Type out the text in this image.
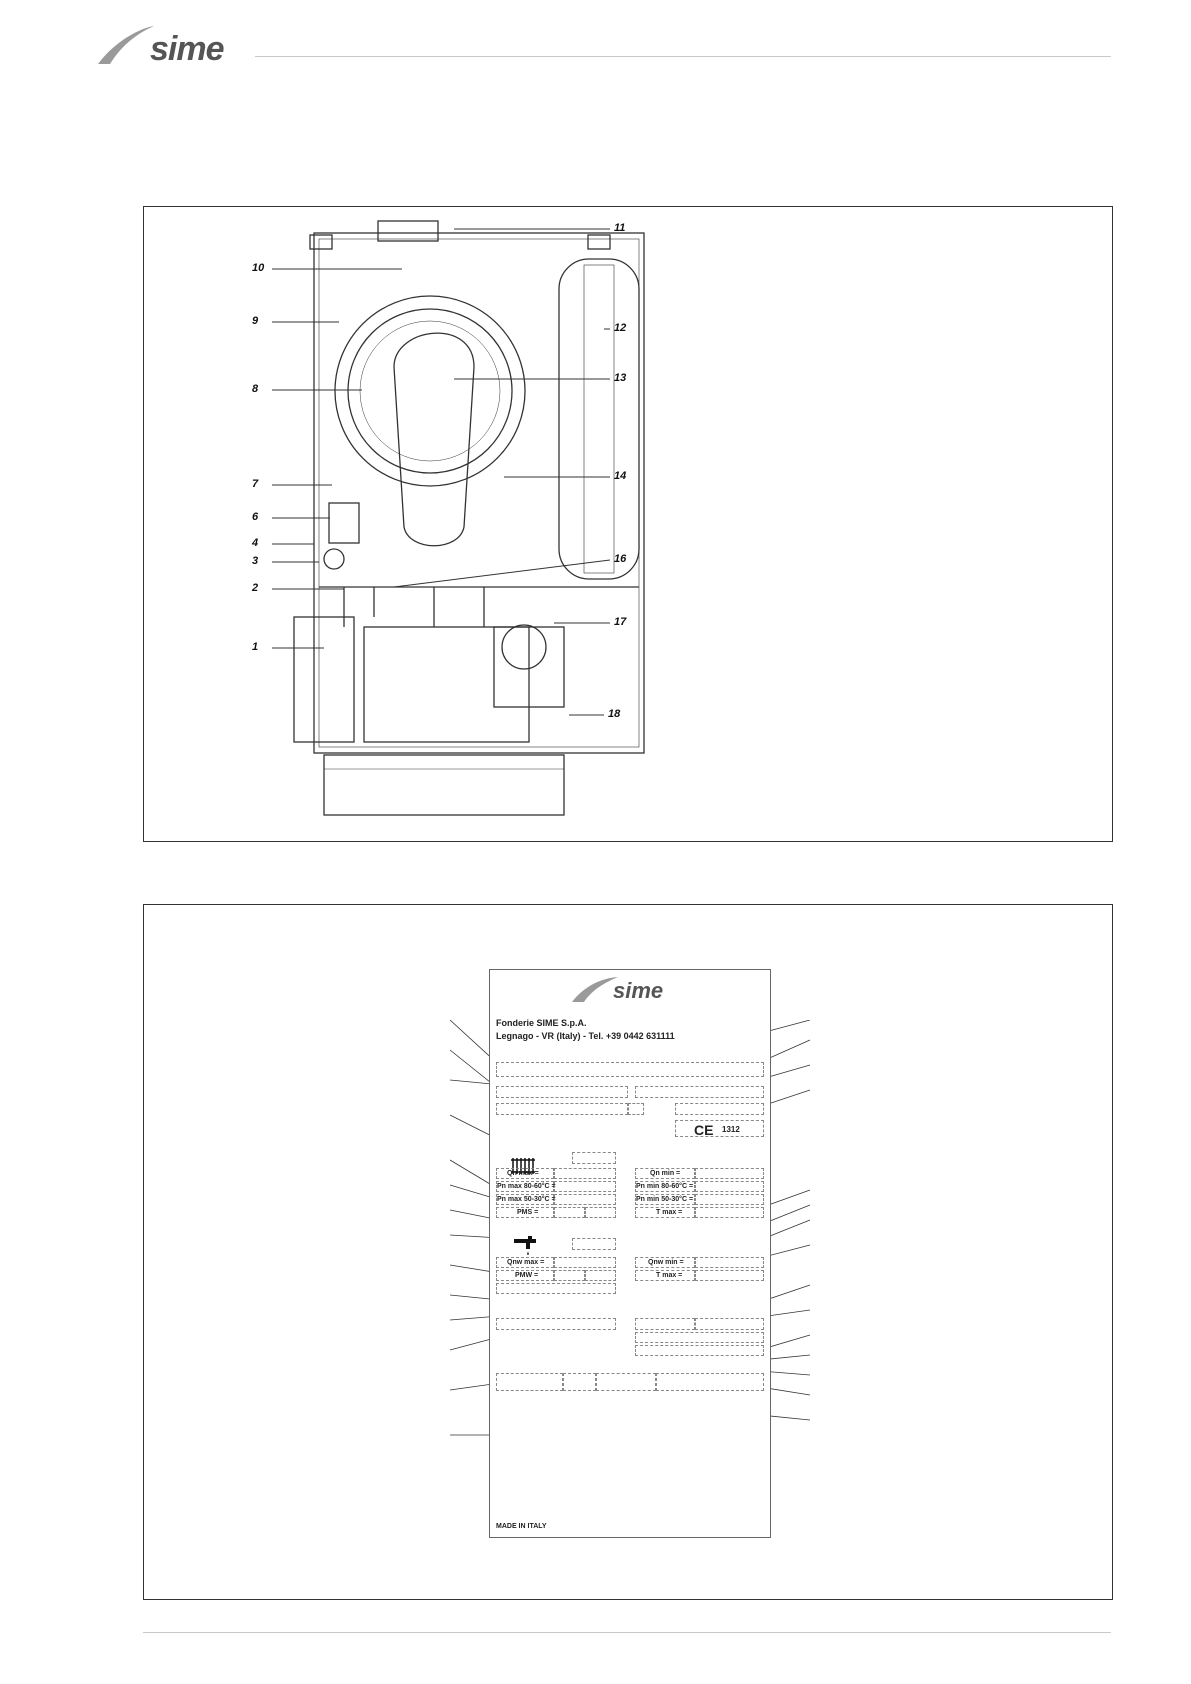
sime
10
9
8
7
6
4
3
2
1
11
12
13
14
16
17
18
sime
Fonderie SIME S.p.A.
Legnago - VR (Italy) - Tel. +39 0442 631111
CE 1312
Qn max =	Qn min =
Pn max 80-60°C =	Pn min 80-60°C =
Pn max 50-30°C =	Pn min 50-30°C =
PMS =	T max =
Qnw max =	Qnw min =
PMW =	T max =
MADE IN ITALY
